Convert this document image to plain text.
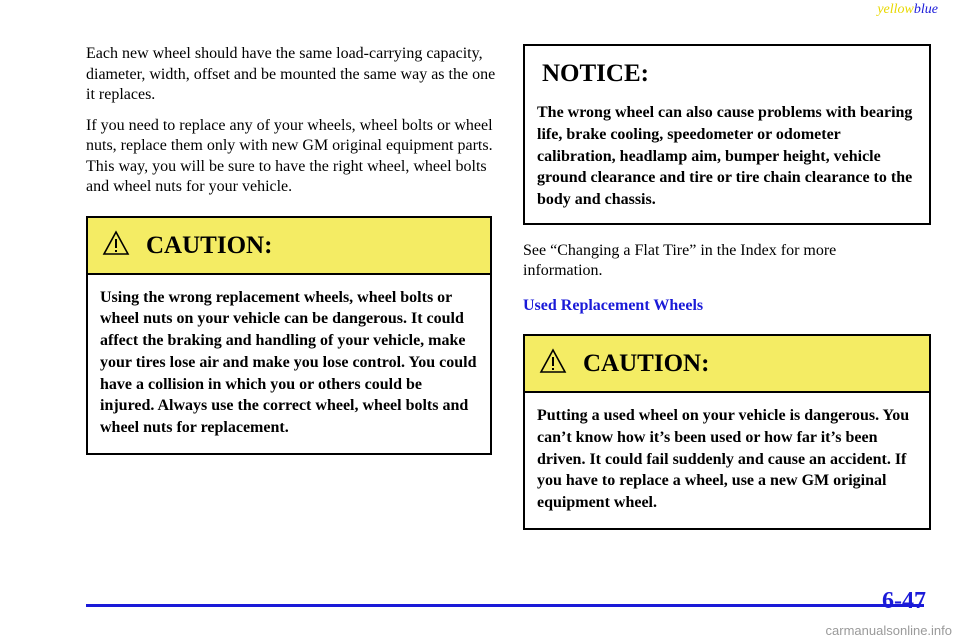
yellowblue

Each new wheel should have the same load‑carrying capacity, diameter, width, offset and be mounted the same way as the one it replaces.

If you need to replace any of your wheels, wheel bolts or wheel nuts, replace them only with new GM original equipment parts. This way, you will be sure to have the right wheel, wheel bolts and wheel nuts for your vehicle.

CAUTION:
Using the wrong replacement wheels, wheel bolts or wheel nuts on your vehicle can be dangerous. It could affect the braking and handling of your vehicle, make your tires lose air and make you lose control. You could have a collision in which you or others could be injured. Always use the correct wheel, wheel bolts and wheel nuts for replacement.
NOTICE:
The wrong wheel can also cause problems with bearing life, brake cooling, speedometer or odometer calibration, headlamp aim, bumper height, vehicle ground clearance and tire or tire chain clearance to the body and chassis.

See “Changing a Flat Tire” in the Index for more information.

Used Replacement Wheels

CAUTION:
Putting a used wheel on your vehicle is dangerous. You can’t know how it’s been used or how far it’s been driven. It could fail suddenly and cause an accident. If you have to replace a wheel, use a new GM original equipment wheel.
6-47
carmanualsonline.info
